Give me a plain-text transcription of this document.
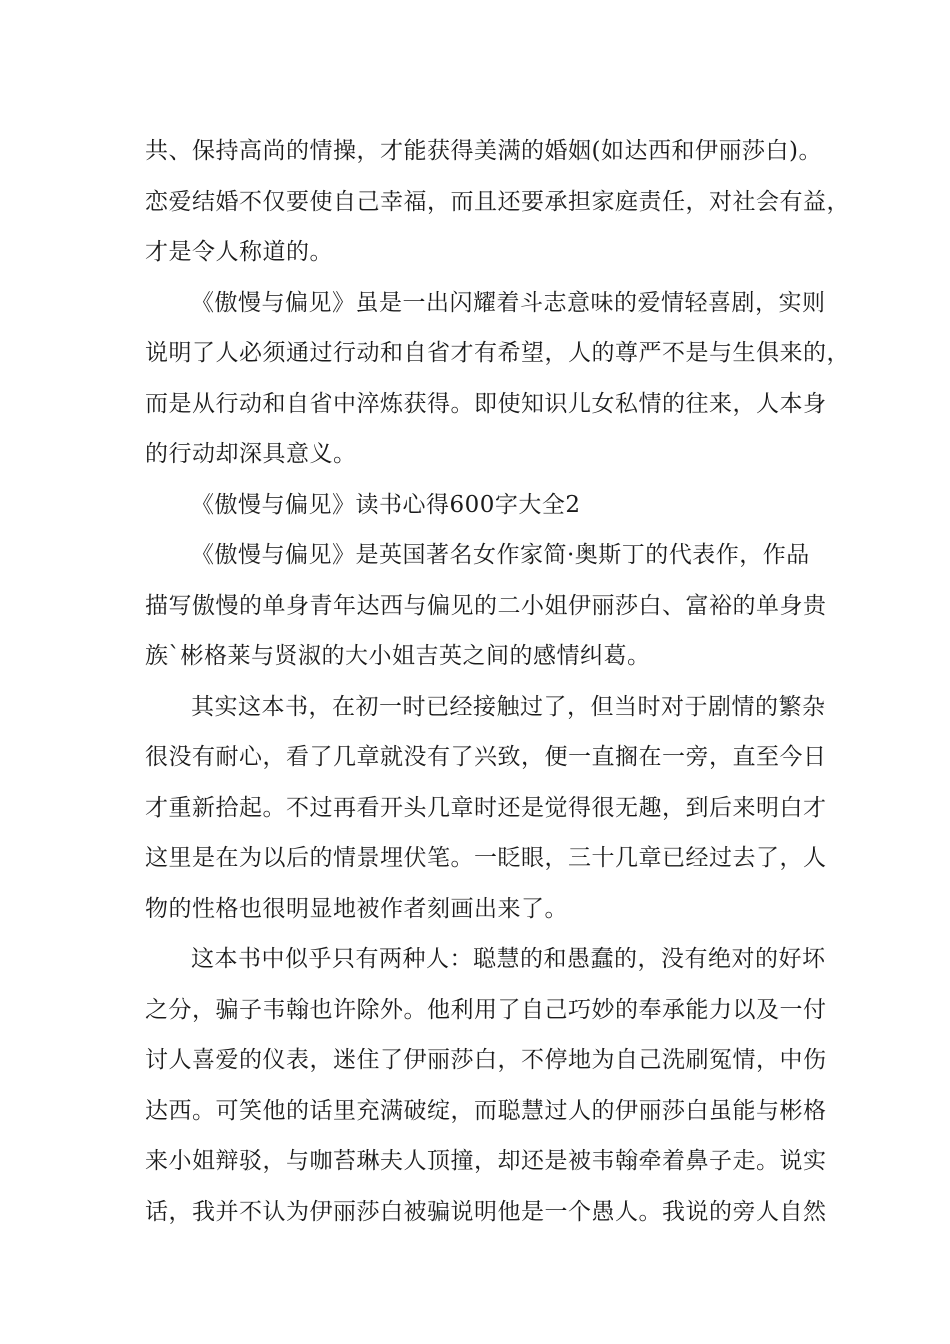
共、保持高尚的情操，才能获得美满的婚姻(如达西和伊丽莎白)。
恋爱结婚不仅要使自己幸福，而且还要承担家庭责任，对社会有益，
才是令人称道的。
《傲慢与偏见》虽是一出闪耀着斗志意味的爱情轻喜剧，实则
说明了人必须通过行动和自省才有希望，人的尊严不是与生俱来的，
而是从行动和自省中淬炼获得。即使知识儿女私情的往来，人本身
的行动却深具意义。
《傲慢与偏见》读书心得600字大全2
《傲慢与偏见》是英国著名女作家简·奥斯丁的代表作，作品
描写傲慢的单身青年达西与偏见的二小姐伊丽莎白、富裕的单身贵
族`彬格莱与贤淑的大小姐吉英之间的感情纠葛。
其实这本书，在初一时已经接触过了，但当时对于剧情的繁杂
很没有耐心，看了几章就没有了兴致，便一直搁在一旁，直至今日
才重新拾起。不过再看开头几章时还是觉得很无趣，到后来明白才
这里是在为以后的情景埋伏笔。一眨眼，三十几章已经过去了，人
物的性格也很明显地被作者刻画出来了。
这本书中似乎只有两种人：聪慧的和愚蠢的，没有绝对的好坏
之分，骗子韦翰也许除外。他利用了自己巧妙的奉承能力以及一付
讨人喜爱的仪表，迷住了伊丽莎白，不停地为自己洗刷冤情，中伤
达西。可笑他的话里充满破绽，而聪慧过人的伊丽莎白虽能与彬格
来小姐辩驳，与咖苔琳夫人顶撞，却还是被韦翰牵着鼻子走。说实
话，我并不认为伊丽莎白被骗说明他是一个愚人。我说的旁人自然
